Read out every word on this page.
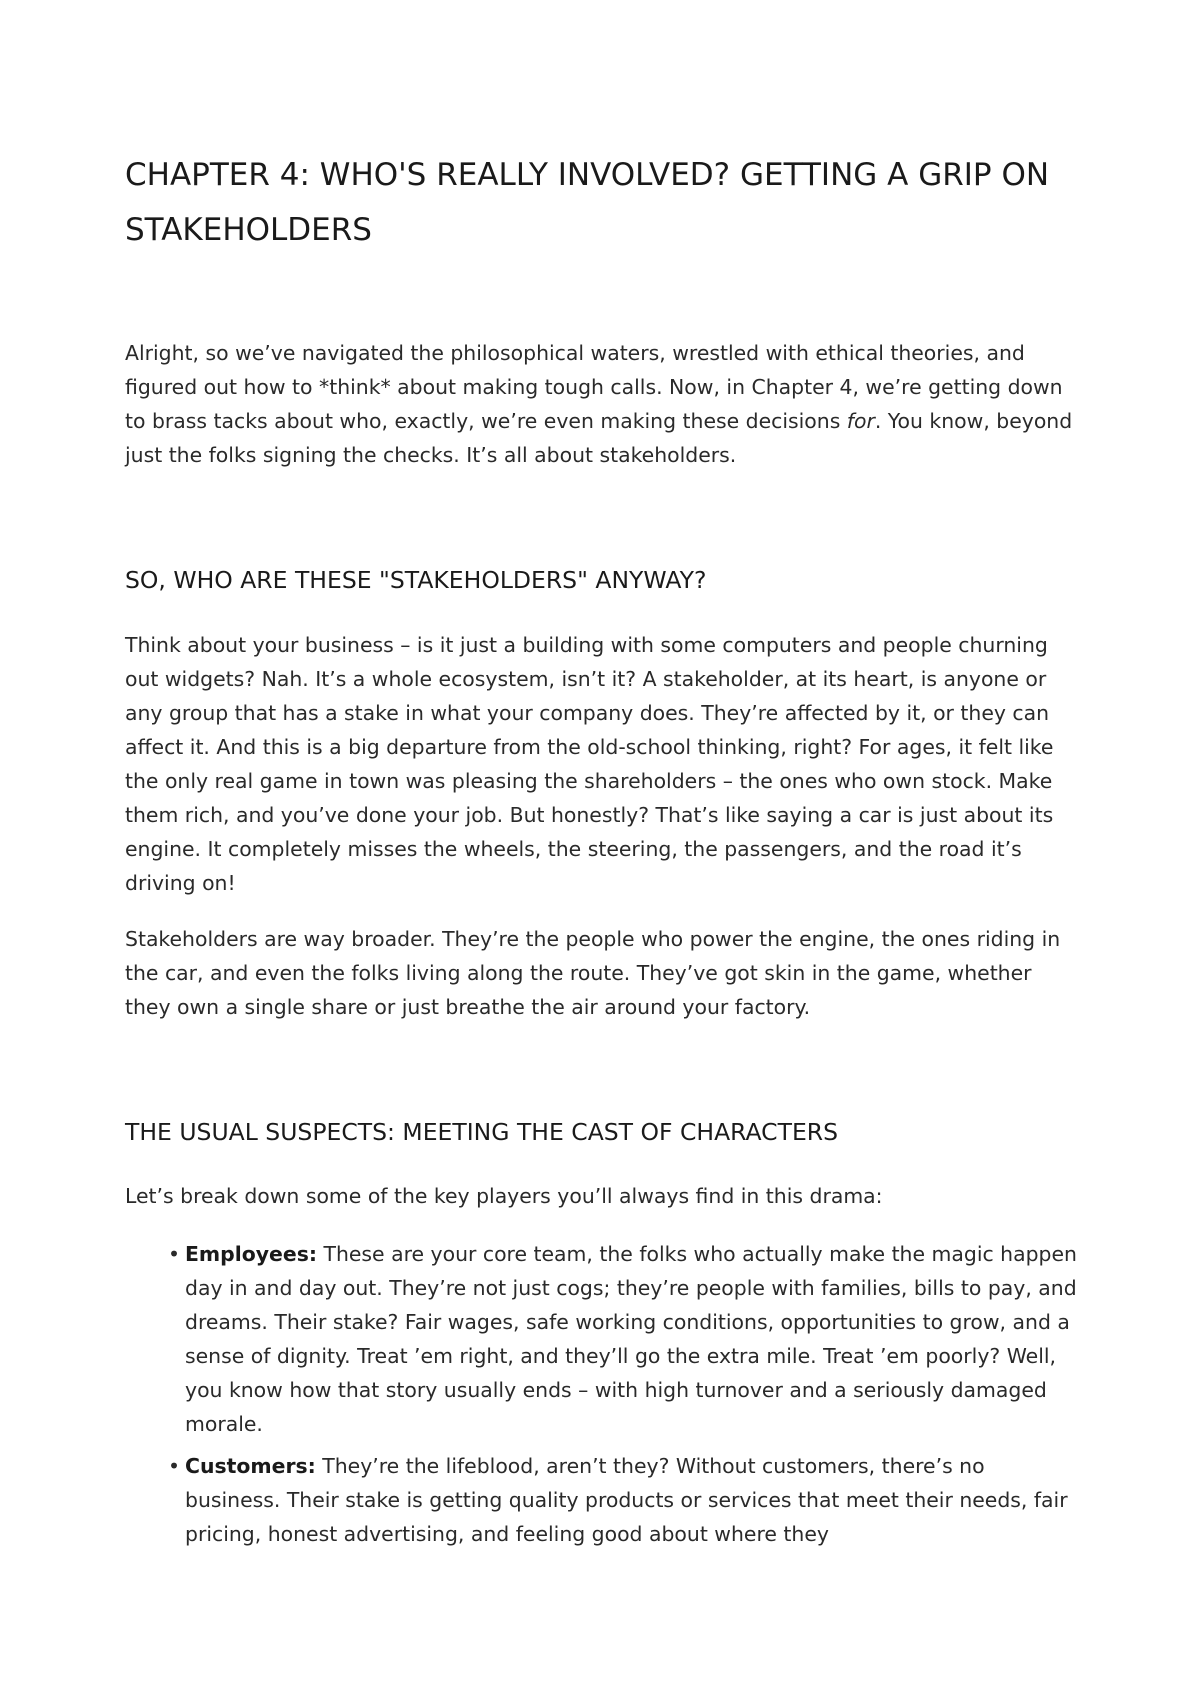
CHAPTER 4: WHO'S REALLY INVOLVED? GETTING A GRIP ON STAKEHOLDERS

Alright, so we’ve navigated the philosophical waters, wrestled with ethical theories, and figured out how to *think* about making tough calls. Now, in Chapter 4, we’re getting down to brass tacks about who, exactly, we’re even making these decisions for. You know, beyond just the folks signing the checks. It’s all about stakeholders.

SO, WHO ARE THESE "STAKEHOLDERS" ANYWAY?

Think about your business – is it just a building with some computers and people churning out widgets? Nah. It’s a whole ecosystem, isn’t it? A stakeholder, at its heart, is anyone or any group that has a stake in what your company does. They’re affected by it, or they can affect it. And this is a big departure from the old-school thinking, right? For ages, it felt like the only real game in town was pleasing the shareholders – the ones who own stock. Make them rich, and you’ve done your job. But honestly? That’s like saying a car is just about its engine. It completely misses the wheels, the steering, the passengers, and the road it’s driving on!

Stakeholders are way broader. They’re the people who power the engine, the ones riding in the car, and even the folks living along the route. They’ve got skin in the game, whether they own a single share or just breathe the air around your factory.

THE USUAL SUSPECTS: MEETING THE CAST OF CHARACTERS

Let’s break down some of the key players you’ll always find in this drama:

• Employees: These are your core team, the folks who actually make the magic happen day in and day out. They’re not just cogs; they’re people with families, bills to pay, and dreams. Their stake? Fair wages, safe working conditions, opportunities to grow, and a sense of dignity. Treat ’em right, and they’ll go the extra mile. Treat ’em poorly? Well, you know how that story usually ends – with high turnover and a seriously damaged morale.
• Customers: They’re the lifeblood, aren’t they? Without customers, there’s no business. Their stake is getting quality products or services that meet their needs, fair pricing, honest advertising, and feeling good about where they
